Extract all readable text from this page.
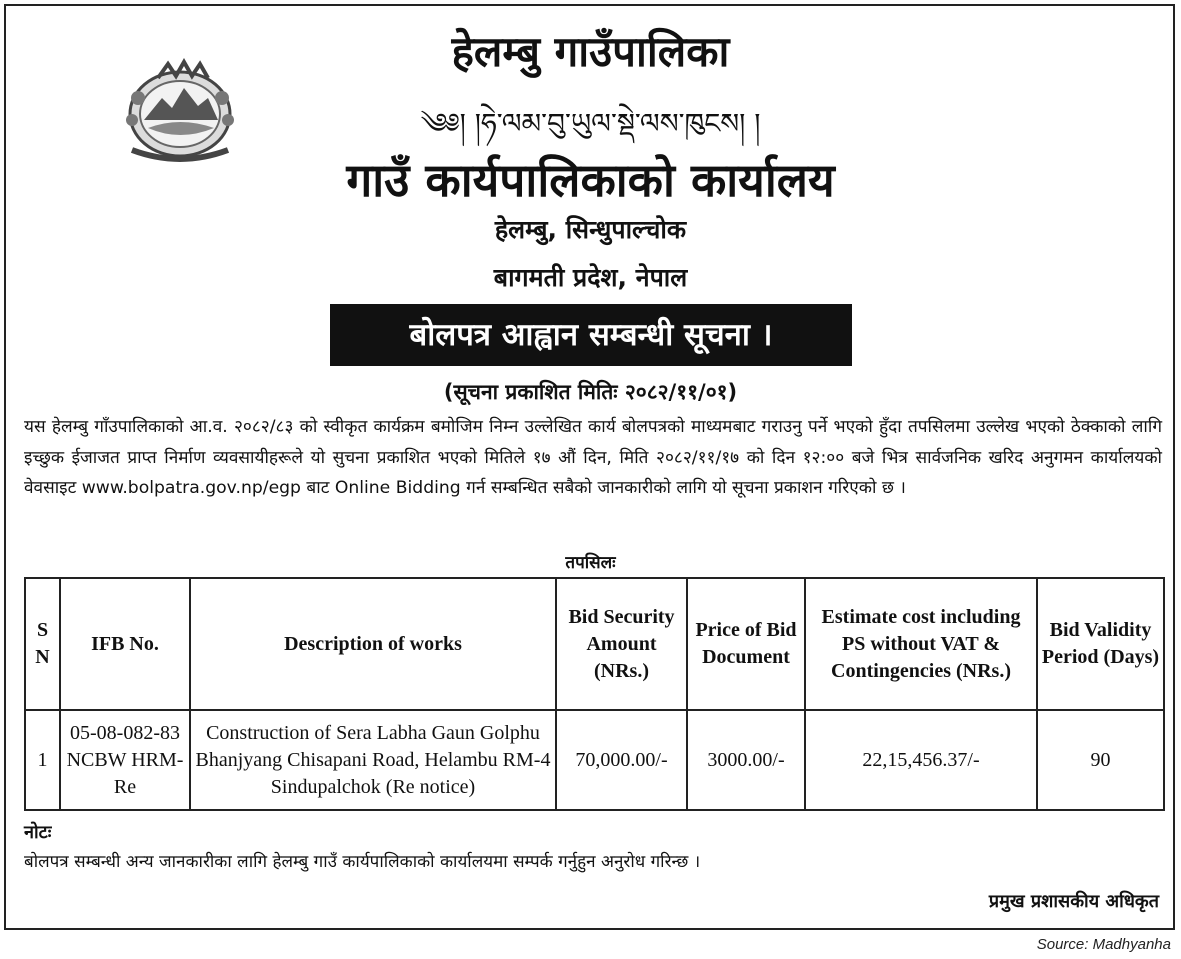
हेलम्बु गाउँपालिका
༄༅། །ཧེ་ལམ་བུ་ཡུལ་སྡེ་ལས་ཁུངས། །
गाउँ कार्यपालिकाको कार्यालय
हेलम्बु, सिन्धुपाल्चोक
बागमती प्रदेश, नेपाल
बोलपत्र आह्वान सम्बन्धी सूचना ।
(सूचना प्रकाशित मितिः २०८२/११/०१)
यस हेलम्बु गाँउपालिकाको आ.व. २०८२/८३ को स्वीकृत कार्यक्रम बमोजिम निम्न उल्लेखित कार्य बोलपत्रको माध्यमबाट गराउनु पर्ने भएको हुँदा तपसिलमा उल्लेख भएको ठेक्काको लागि इच्छुक ईजाजत प्राप्त निर्माण व्यवसायीहरूले यो सुचना प्रकाशित भएको मितिले १७ औं दिन, मिति २०८२/११/१७ को दिन १२:०० बजे भित्र सार्वजनिक खरिद अनुगमन कार्यालयको वेवसाइट www.bolpatra.gov.np/egp बाट Online Bidding गर्न सम्बन्धित सबैको जानकारीको लागि यो सूचना प्रकाशन गरिएको छ ।
तपसिलः
S N	IFB No.	Description of works	Bid Security Amount (NRs.)	Price of Bid Document	Estimate cost including PS without VAT & Contingencies (NRs.)	Bid Validity Period (Days)
1	05-08-082-83 NCBW HRM-Re	Construction of Sera Labha Gaun Golphu Bhanjyang Chisapani Road, Helambu RM-4 Sindupalchok (Re notice)	70,000.00/-	3000.00/-	22,15,456.37/-	90
नोटः
बोलपत्र सम्बन्धी अन्य जानकारीका लागि हेलम्बु गाउँ कार्यपालिकाको कार्यालयमा सम्पर्क गर्नुहुन अनुरोध गरिन्छ ।
प्रमुख प्रशासकीय अधिकृत
Source: Madhyanha
